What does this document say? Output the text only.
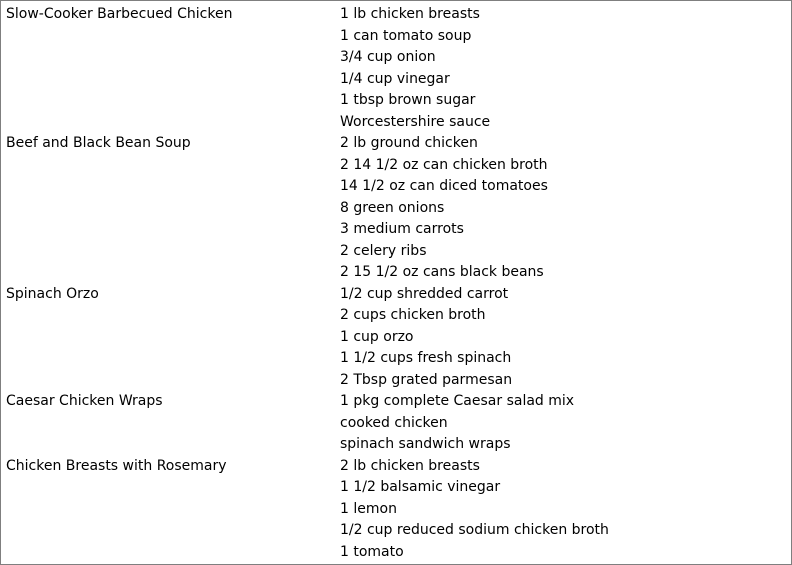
Slow-Cooker Barbecued Chicken	1 lb chicken breasts
1 can tomato soup
3/4 cup onion
1/4 cup vinegar
1 tbsp brown sugar
Worcestershire sauce
Beef and Black Bean Soup	2 lb ground chicken
2 14 1/2 oz can chicken broth
14 1/2 oz can diced tomatoes
8 green onions
3 medium carrots
2 celery ribs
2 15 1/2 oz cans black beans
Spinach Orzo	1/2 cup shredded carrot
2 cups chicken broth
1 cup orzo
1 1/2 cups fresh spinach
2 Tbsp grated parmesan
Caesar Chicken Wraps	1 pkg complete Caesar salad mix
cooked chicken
spinach sandwich wraps
Chicken Breasts with Rosemary	2 lb chicken breasts
1 1/2 balsamic vinegar
1 lemon
1/2 cup reduced sodium chicken broth
1 tomato
